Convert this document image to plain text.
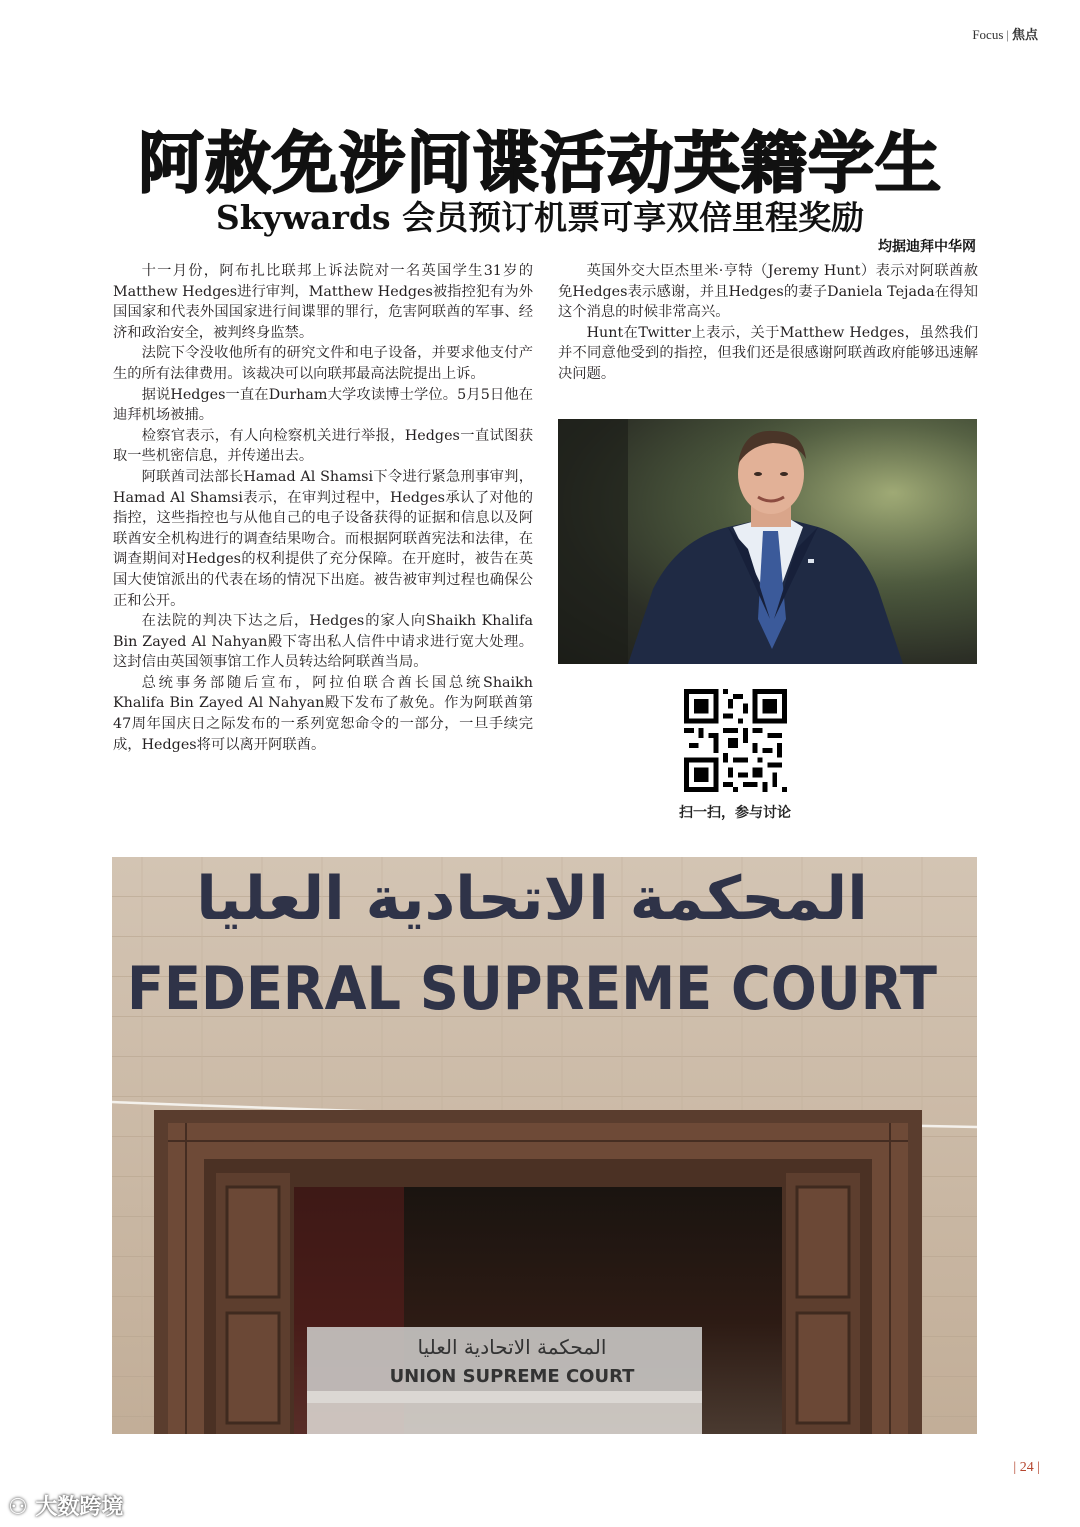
Focus | 焦点
阿赦免涉间谍活动英籍学生
Skywards 会员预订机票可享双倍里程奖励
均据迪拜中华网

十一月份，阿布扎比联邦上诉法院对一名英国学生31岁的Matthew Hedges进行审判，Matthew Hedges被指控犯有为外国国家和代表外国国家进行间谍罪的罪行，危害阿联酋的军事、经济和政治安全，被判终身监禁。

法院下令没收他所有的研究文件和电子设备，并要求他支付产生的所有法律费用。该裁决可以向联邦最高法院提出上诉。

据说Hedges一直在Durham大学攻读博士学位。5月5日他在迪拜机场被捕。

检察官表示，有人向检察机关进行举报，Hedges一直试图获取一些机密信息，并传递出去。

阿联酋司法部长Hamad Al Shamsi下令进行紧急刑事审判，Hamad Al Shamsi表示，在审判过程中，Hedges承认了对他的指控，这些指控也与从他自己的电子设备获得的证据和信息以及阿联酋安全机构进行的调查结果吻合。而根据阿联酋宪法和法律，在调查期间对Hedges的权利提供了充分保障。在开庭时，被告在英国大使馆派出的代表在场的情况下出庭。被告被审判过程也确保公正和公开。

在法院的判决下达之后，Hedges的家人向Shaikh Khalifa Bin Zayed Al Nahyan殿下寄出私人信件中请求进行宽大处理。这封信由英国领事馆工作人员转达给阿联酋当局。

总统事务部随后宣布，阿拉伯联合酋长国总统Shaikh Khalifa Bin Zayed Al Nahyan殿下发布了赦免。作为阿联酋第47周年国庆日之际发布的一系列宽恕命令的一部分，一旦手续完成，Hedges将可以离开阿联酋。

英国外交大臣杰里米·亨特（Jeremy Hunt）表示对阿联酋赦免Hedges表示感谢，并且Hedges的妻子Daniela Tejada在得知这个消息的时候非常高兴。

Hunt在Twitter上表示，关于Matthew Hedges，虽然我们并不同意他受到的指控，但我们还是很感谢阿联酋政府能够迅速解决问题。

扫一扫，参与讨论
المحكمة الاتحادية العليا
FEDERAL SUPREME COURT
المحكمة الاتحادية العليا
UNION SUPREME COURT
| 24 |
⚇ 大数跨境
